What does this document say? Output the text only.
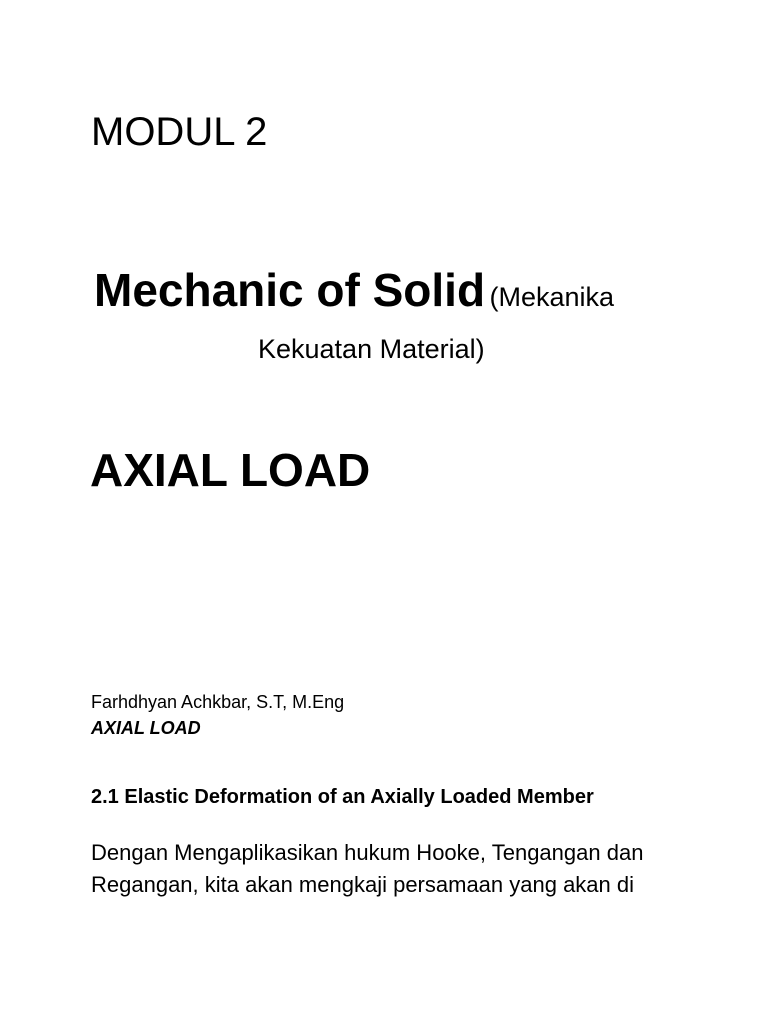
MODUL 2
Mechanic of Solid (Mekanika
Kekuatan Material)
AXIAL LOAD
Farhdhyan Achkbar, S.T, M.Eng
AXIAL LOAD
2.1 Elastic Deformation of an Axially Loaded Member
Dengan Mengaplikasikan hukum Hooke, Tengangan dan
Regangan, kita akan mengkaji persamaan yang akan di
